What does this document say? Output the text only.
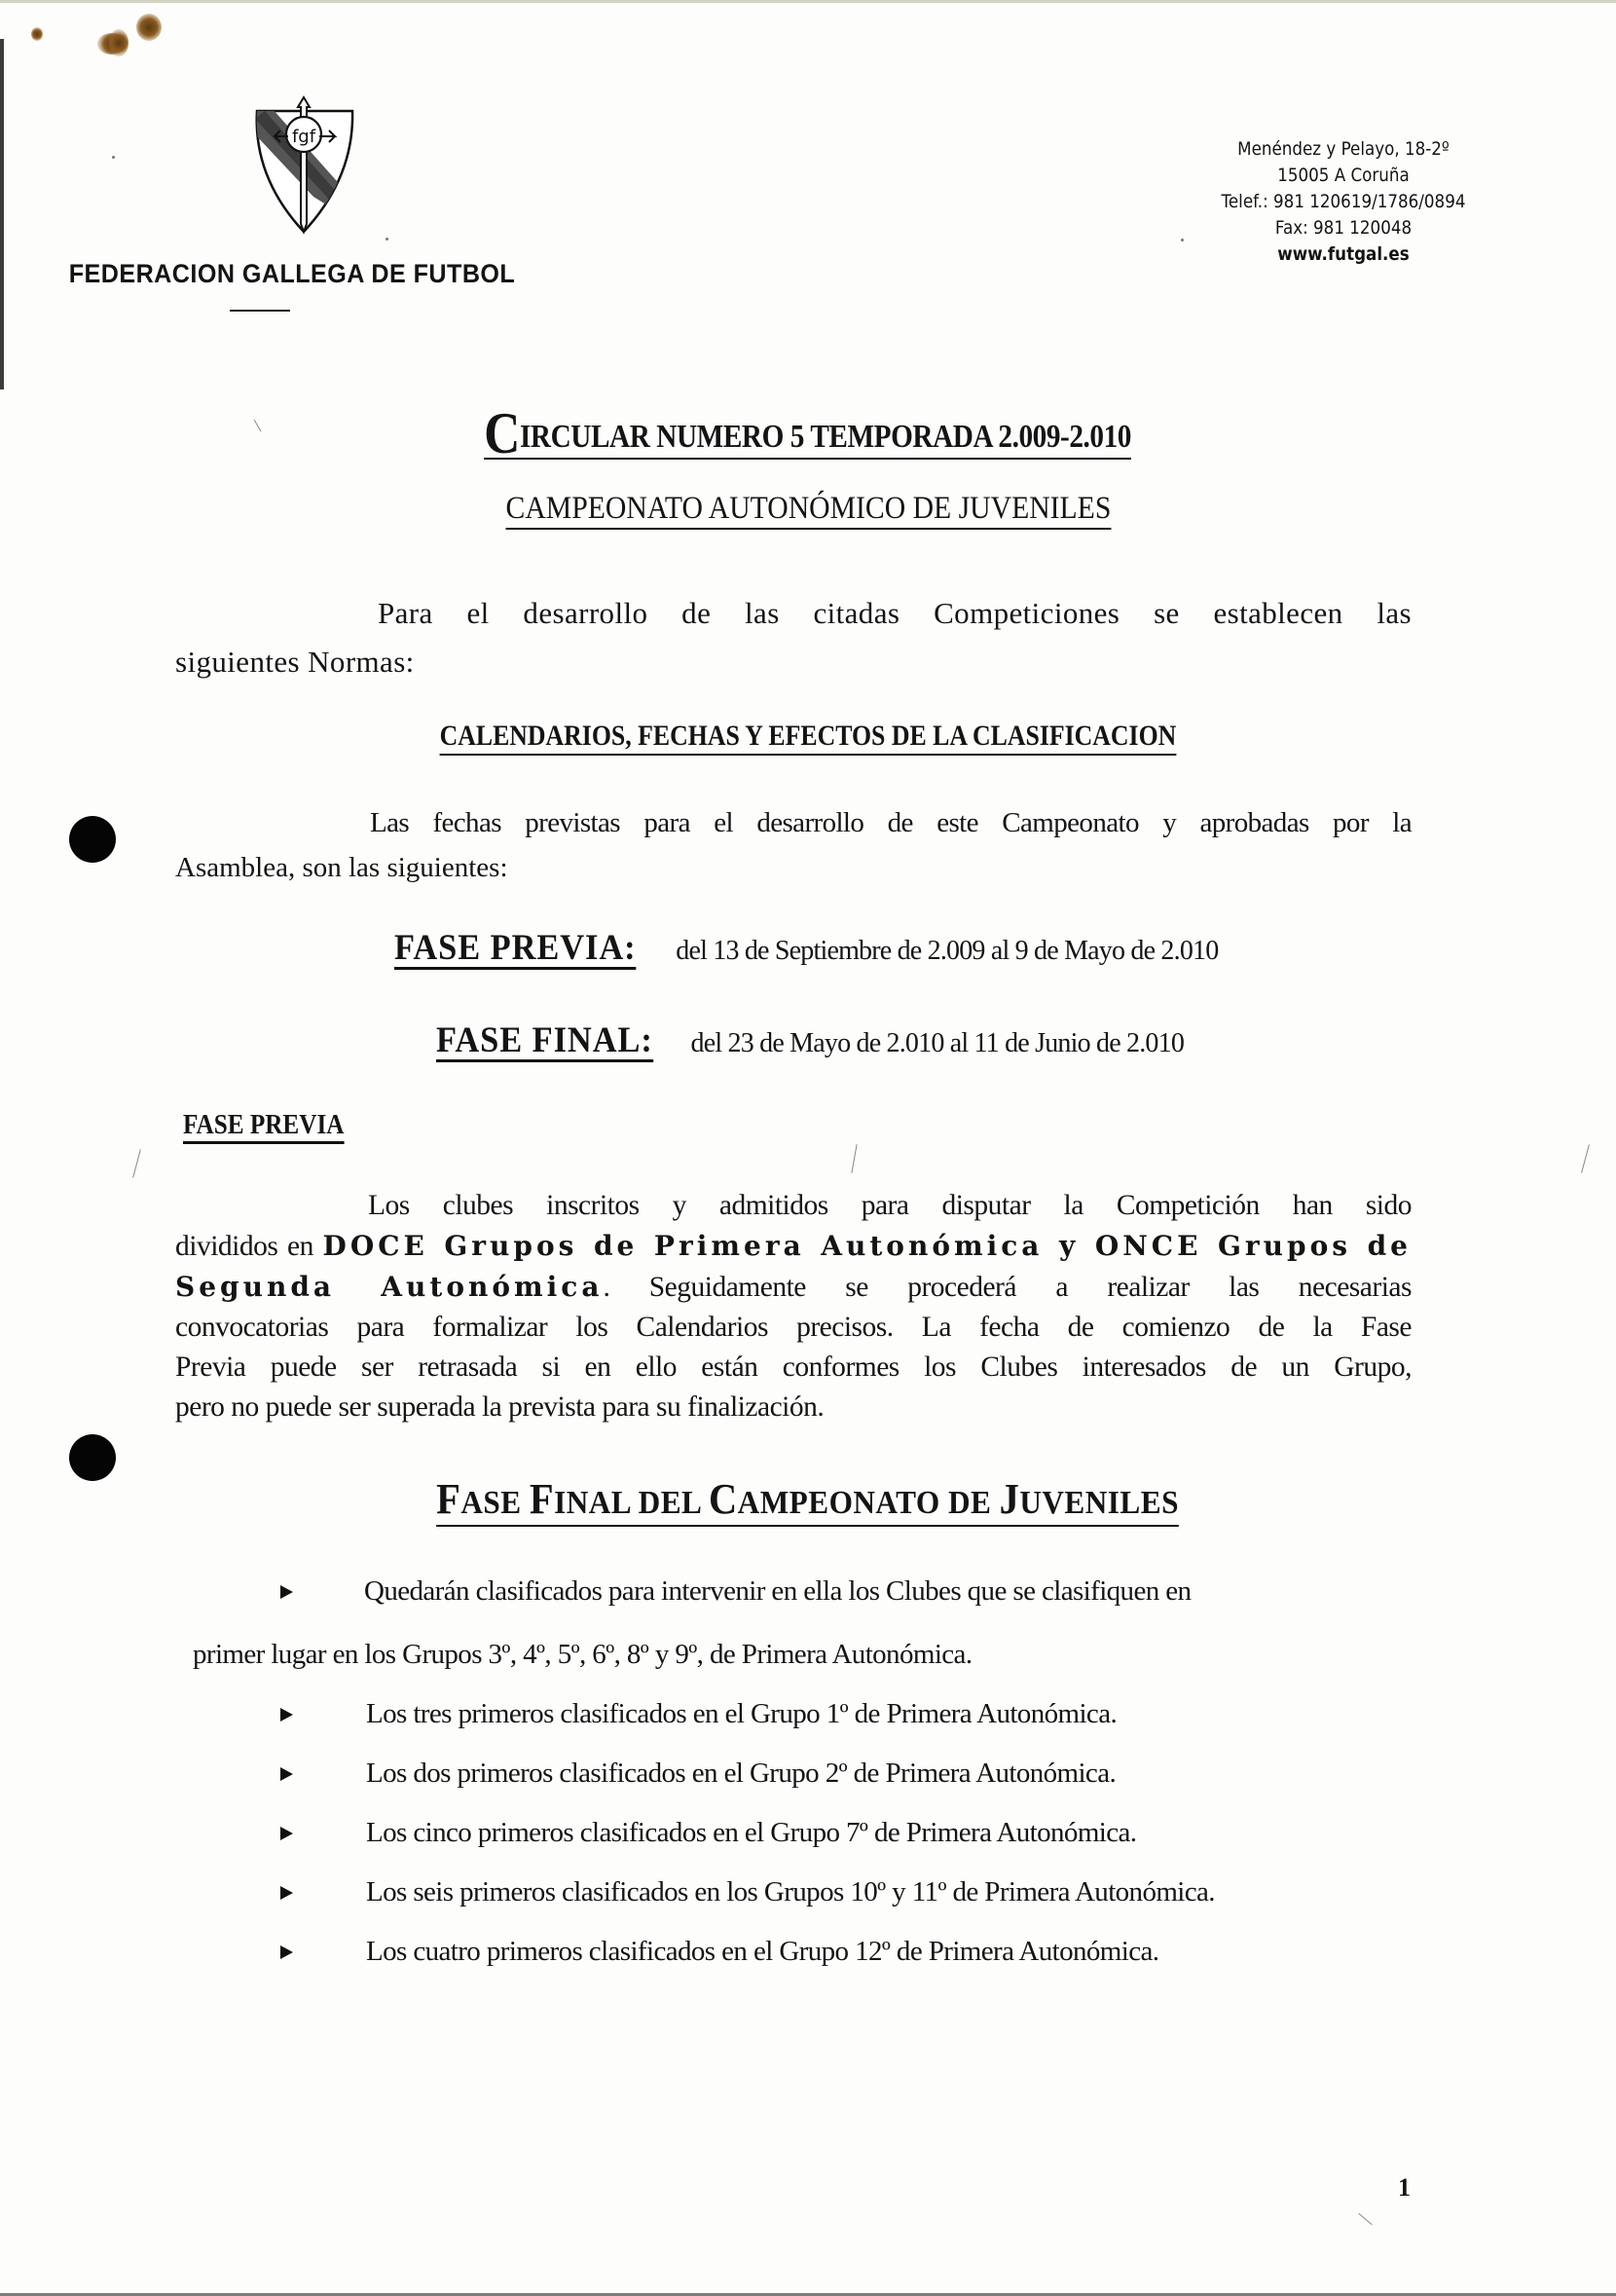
fgf
FEDERACION GALLEGA DE FUTBOL
Menéndez y Pelayo, 18-2º
15005 A Coruña
Telef.: 981 120619/1786/0894
Fax: 981 120048
www.futgal.es
CIRCULAR NUMERO 5 TEMPORADA 2.009-2.010
CAMPEONATO AUTONÓMICO DE JUVENILES
Para el desarrollo de las citadas Competiciones se establecen las
siguientes Normas:
CALENDARIOS, FECHAS Y EFECTOS DE LA CLASIFICACION
Las fechas previstas para el desarrollo de este Campeonato y aprobadas por la
Asamblea, son las siguientes:
FASE PREVIA: del 13 de Septiembre de 2.009 al 9 de Mayo de 2.010
FASE FINAL: del 23 de Mayo de 2.010 al 11 de Junio de 2.010
FASE PREVIA
Los clubes inscritos y admitidos para disputar la Competición han sido
divididos en DOCE Grupos de Primera Autonómica y ONCE Grupos de
Segunda Autonómica. Seguidamente se procederá a realizar las necesarias
convocatorias para formalizar los Calendarios precisos. La fecha de comienzo de la Fase
Previa puede ser retrasada si en ello están conformes los Clubes interesados de un Grupo,
pero no puede ser superada la prevista para su finalización.
FASE FINAL DEL CAMPEONATO DE JUVENILES
Quedarán clasificados para intervenir en ella los Clubes que se clasifiquen en
primer lugar en los Grupos 3º, 4º, 5º, 6º, 8º y 9º, de Primera Autonómica.
Los tres primeros clasificados en el Grupo 1º de Primera Autonómica.
Los dos primeros clasificados en el Grupo 2º de Primera Autonómica.
Los cinco primeros clasificados en el Grupo 7º de Primera Autonómica.
Los seis primeros clasificados en los Grupos 10º y 11º de Primera Autonómica.
Los cuatro primeros clasificados en el Grupo 12º de Primera Autonómica.
1
